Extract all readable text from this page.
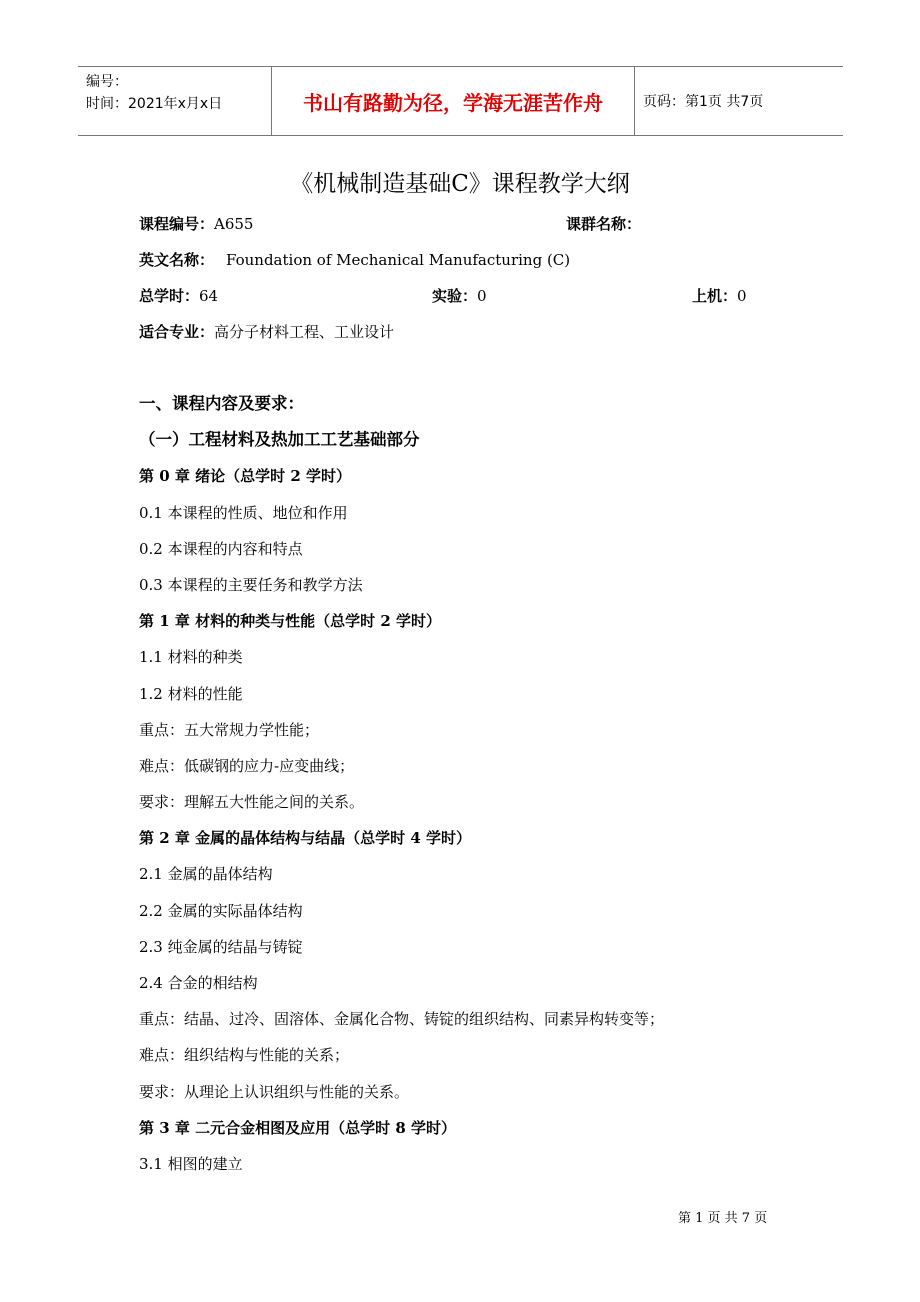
编号：
时间：2021年x月x日	书山有路勤为径，学海无涯苦作舟	页码：第1页 共7页
《机械制造基础C》课程教学大纲
课程编号：A655	课群名称：
英文名称： Foundation of Mechanical Manufacturing (C)
总学时：64	实验：0	上机：0
适合专业：高分子材料工程、工业设计
一、课程内容及要求：
（一）工程材料及热加工工艺基础部分
第 0 章 绪论（总学时 2 学时）
0.1 本课程的性质、地位和作用
0.2 本课程的内容和特点
0.3 本课程的主要任务和教学方法
第 1 章 材料的种类与性能（总学时 2 学时）
1.1 材料的种类
1.2 材料的性能
重点：五大常规力学性能；
难点：低碳钢的应力-应变曲线；
要求：理解五大性能之间的关系。
第 2 章 金属的晶体结构与结晶（总学时 4 学时）
2.1 金属的晶体结构
2.2 金属的实际晶体结构
2.3 纯金属的结晶与铸锭
2.4 合金的相结构
重点：结晶、过冷、固溶体、金属化合物、铸锭的组织结构、同素异构转变等；
难点：组织结构与性能的关系；
要求：从理论上认识组织与性能的关系。
第 3 章 二元合金相图及应用（总学时 8 学时）
3.1 相图的建立
第 1 页 共 7 页
